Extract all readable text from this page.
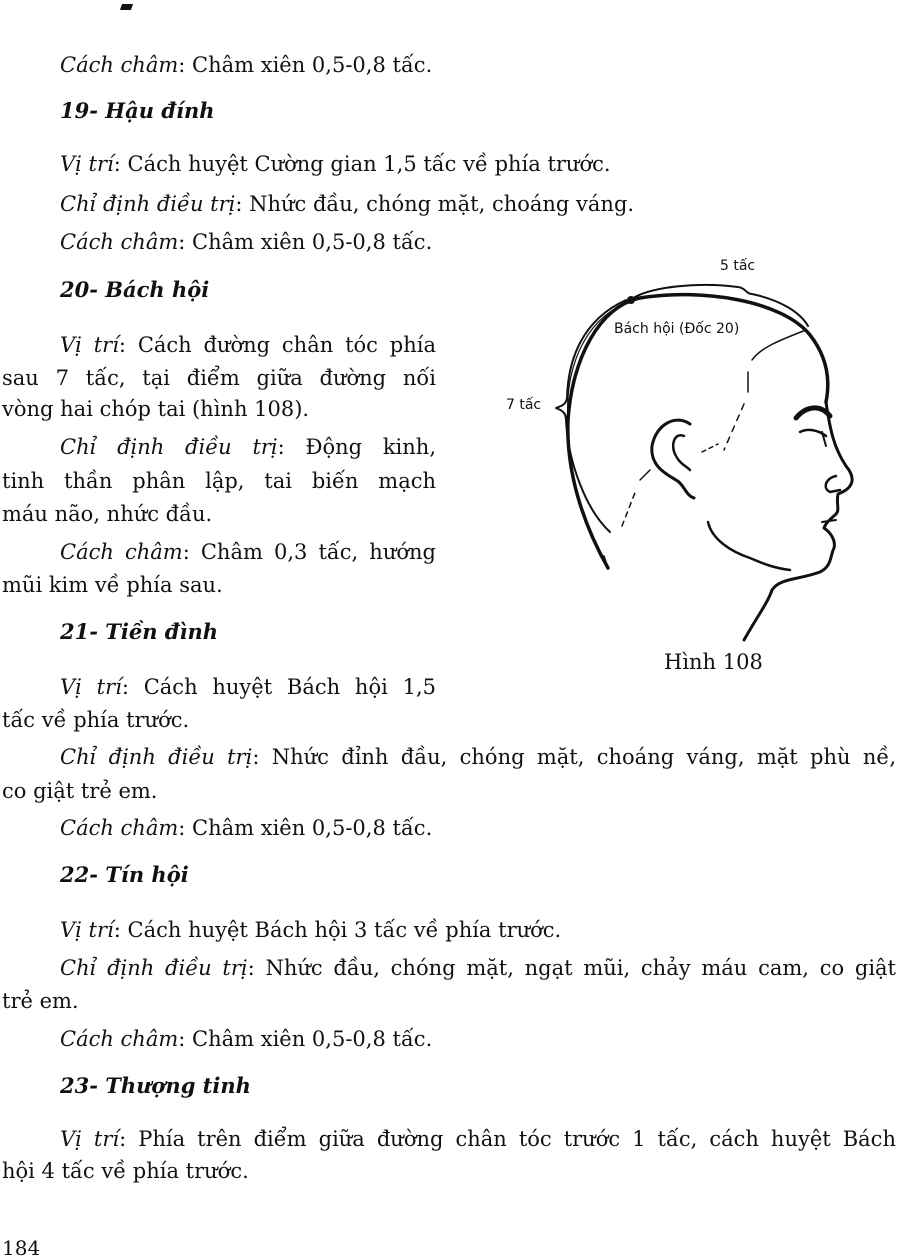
Cách châm: Châm xiên 0,5-0,8 tấc.

19- Hậu đính

Vị trí: Cách huyệt Cường gian 1,5 tấc về phía trước.

Chỉ định điều trị: Nhức đầu, chóng mặt, choáng váng.

Cách châm: Châm xiên 0,5-0,8 tấc.

20- Bách hội

Vị trí: Cách đường chân tóc phía

sau 7 tấc, tại điểm giữa đường nối

vòng hai chóp tai (hình 108).

Chỉ định điều trị: Động kinh,

tinh thần phân lập, tai biến mạch

máu não, nhức đầu.

Cách châm: Châm 0,3 tấc, hướng

mũi kim về phía sau.

21- Tiền đình

Vị trí: Cách huyệt Bách hội 1,5

tấc về phía trước.

Chỉ định điều trị: Nhức đỉnh đầu, chóng mặt, choáng váng, mặt phù nề,

co giật trẻ em.

Cách châm: Châm xiên 0,5-0,8 tấc.

22- Tín hội

Vị trí: Cách huyệt Bách hội 3 tấc về phía trước.

Chỉ định điều trị: Nhức đầu, chóng mặt, ngạt mũi, chảy máu cam, co giật

trẻ em.

Cách châm: Châm xiên 0,5-0,8 tấc.

23- Thượng tinh

Vị trí: Phía trên điểm giữa đường chân tóc trước 1 tấc, cách huyệt Bách

hội 4 tấc về phía trước.

5 tấc
Bách hội (Đốc 20)
7 tấc
Hình 108
184
